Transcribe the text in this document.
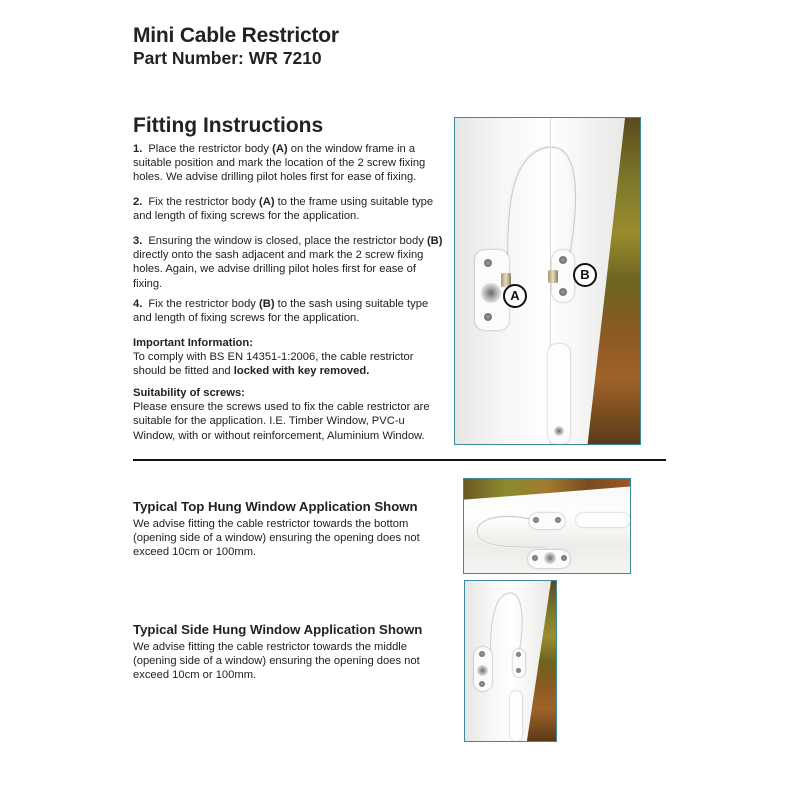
Mini Cable Restrictor
Part Number: WR 7210
Fitting Instructions
1. Place the restrictor body (A) on the window frame in a suitable position and mark the location of the 2 screw fixing holes. We advise drilling pilot holes first for ease of fixing.
2. Fix the restrictor body (A) to the frame using suitable type and length of fixing screws for the application.
3. Ensuring the window is closed, place the restrictor body (B) directly onto the sash adjacent and mark the 2 screw fixing holes. Again, we advise drilling pilot holes first for ease of fixing.
4. Fix the restrictor body (B) to the sash using suitable type and length of fixing screws for the application.
Important Information:
To comply with BS EN 14351-1:2006, the cable restrictor should be fitted and locked with key removed.
Suitability of screws:
Please ensure the screws used to fix the cable restrictor are suitable for the application. I.E. Timber Window, PVC-u Window, with or without reinforcement, Aluminium Window.
A
B
Typical Top Hung Window Application Shown
We advise fitting the cable restrictor towards the bottom (opening side of a window) ensuring the opening does not exceed 10cm or 100mm.
Typical Side Hung Window Application Shown
We advise fitting the cable restrictor towards the middle (opening side of a window) ensuring the opening does not exceed 10cm or 100mm.
